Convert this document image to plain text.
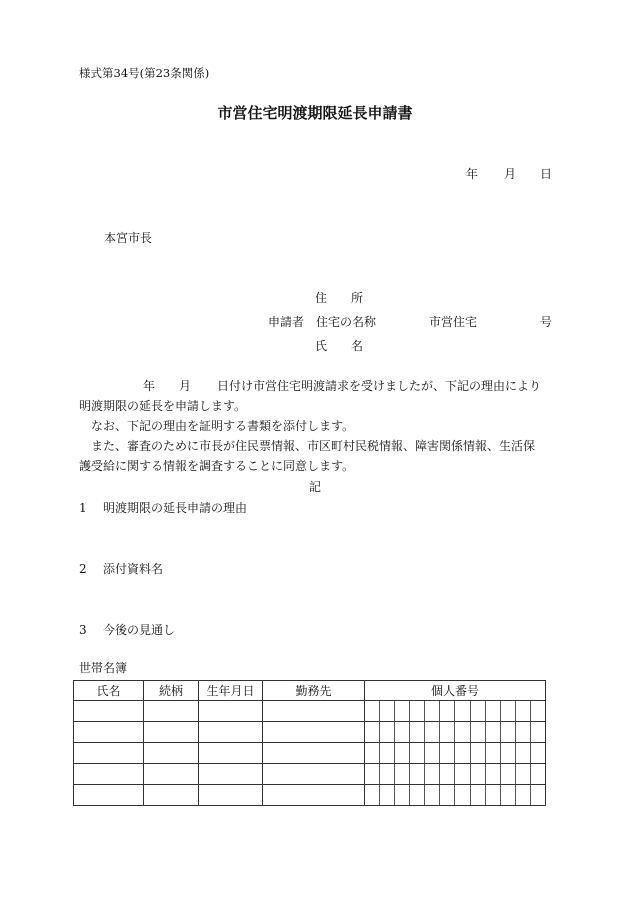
様式第34号(第23条関係)
市営住宅明渡期限延長申請書
年 月 日
本宮市長
住　　所
申請者 住宅の名称	市営住宅	号
氏　　名
年 月 日付け市営住宅明渡請求を受けましたが、下記の理由により
明渡期限の延長を申請します。
なお、下記の理由を証明する書類を添付します。
また、審査のために市長が住民票情報、市区町村民税情報、障害関係情報、生活保
護受給に関する情報を調査することに同意します。
記
1 明渡期限の延長申請の理由
2 添付資料名
3 今後の見通し
世帯名簿
氏名	続柄	生年月日	勤務先	個人番号
